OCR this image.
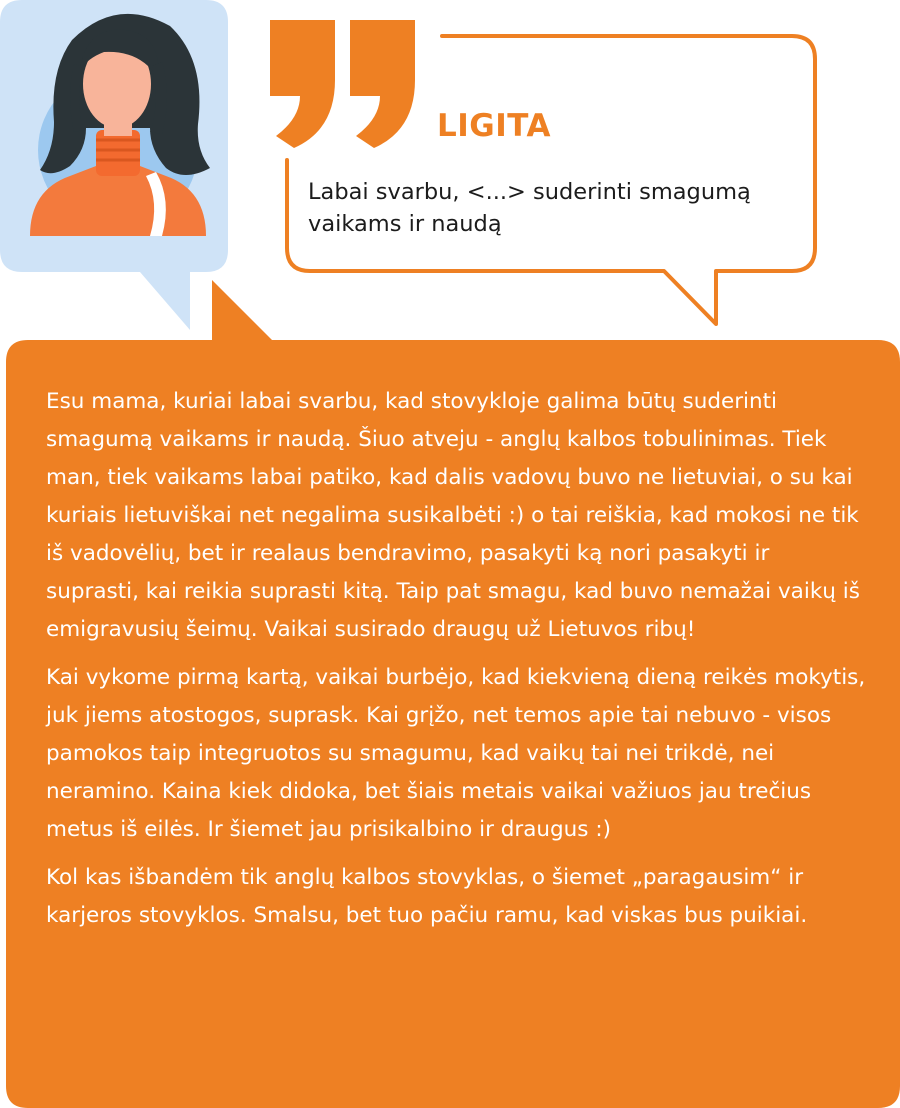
LIGITA

Labai svarbu, <...> suderinti smagumą vaikams ir naudą

Esu mama, kuriai labai svarbu, kad stovykloje galima būtų suderinti smagumą vaikams ir naudą. Šiuo atveju - anglų kalbos tobulinimas. Tiek man, tiek vaikams labai patiko, kad dalis vadovų buvo ne lietuviai, o su kai kuriais lietuviškai net negalima susikalbėti :) o tai reiškia, kad mokosi ne tik iš vadovėlių, bet ir realaus bendravimo, pasakyti ką nori pasakyti ir suprasti, kai reikia suprasti kitą. Taip pat smagu, kad buvo nemažai vaikų iš emigravusių šeimų. Vaikai susirado draugų už Lietuvos ribų!

Kai vykome pirmą kartą, vaikai burbėjo, kad kiekvieną dieną reikės mokytis, juk jiems atostogos, suprask. Kai grįžo, net temos apie tai nebuvo - visos pamokos taip integruotos su smagumu, kad vaikų tai nei trikdė, nei neramino. Kaina kiek didoka, bet šiais metais vaikai važiuos jau trečius metus iš eilės. Ir šiemet jau prisikalbino ir draugus :)

Kol kas išbandėm tik anglų kalbos stovyklas, o šiemet „paragausim“ ir karjeros stovyklos. Smalsu, bet tuo pačiu ramu, kad viskas bus puikiai.
